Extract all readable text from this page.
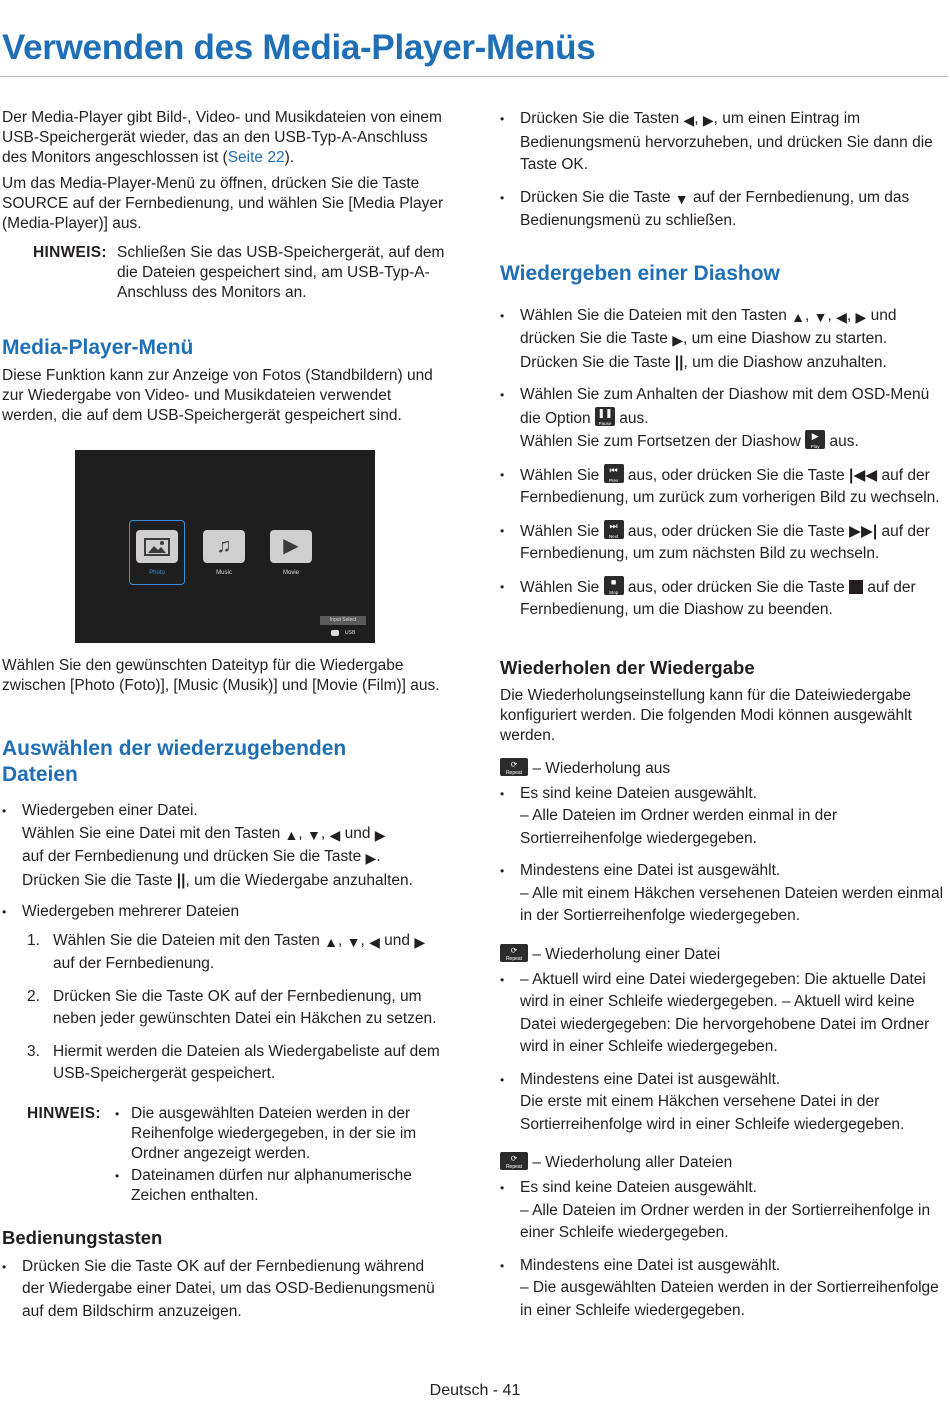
Verwenden des Media-Player-Menüs

Der Media-Player gibt Bild-, Video- und Musikdateien von einem USB-Speichergerät wieder, das an den USB-Typ-A-Anschluss des Monitors angeschlossen ist (Seite 22).

Um das Media-Player-Menü zu öffnen, drücken Sie die Taste SOURCE auf der Fernbedienung, und wählen Sie [Media Player (Media-Player)] aus.

HINWEIS: Schließen Sie das USB-Speichergerät, auf dem die Dateien gespeichert sind, am USB-Typ-A-Anschluss des Monitors an.
Media-Player-Menü

Diese Funktion kann zur Anzeige von Fotos (Standbildern) und zur Wiedergabe von Video- und Musikdateien verwendet werden, die auf dem USB-Speichergerät gespeichert sind.

♫	▶
Photo	Music	Movie
Input Select
USB

Wählen Sie den gewünschten Dateityp für die Wiedergabe zwischen [Photo (Foto)], [Music (Musik)] und [Movie (Film)] aus.

Auswählen der wiederzugebenden Dateien
• Wiedergeben einer Datei.
Wählen Sie eine Datei mit den Tasten ▲, ▼, ◀ und ▶
auf der Fernbedienung und drücken Sie die Taste ▶.
Drücken Sie die Taste ||, um die Wiedergabe anzuhalten.
• Wiedergeben mehrerer Dateien
1. Wählen Sie die Dateien mit den Tasten ▲, ▼, ◀ und ▶ auf der Fernbedienung.
2. Drücken Sie die Taste OK auf der Fernbedienung, um neben jeder gewünschten Datei ein Häkchen zu setzen.
3. Hiermit werden die Dateien als Wiedergabeliste auf dem USB-Speichergerät gespeichert.
HINWEIS:	• Die ausgewählten Dateien werden in der Reihenfolge wiedergegeben, in der sie im Ordner angezeigt werden.
• Dateinamen dürfen nur alphanumerische Zeichen enthalten.
Bedienungstasten
• Drücken Sie die Taste OK auf der Fernbedienung während der Wiedergabe einer Datei, um das OSD-Bedienungsmenü auf dem Bildschirm anzuzeigen.
• Drücken Sie die Tasten ◀, ▶, um einen Eintrag im Bedienungsmenü hervorzuheben, und drücken Sie dann die Taste OK.
• Drücken Sie die Taste ▼ auf der Fernbedienung, um das Bedienungsmenü zu schließen.
Wiedergeben einer Diashow
• Wählen Sie die Dateien mit den Tasten ▲, ▼, ◀, ▶ und drücken Sie die Taste ▶, um eine Diashow zu starten.
Drücken Sie die Taste ||, um die Diashow anzuhalten.
• Wählen Sie zum Anhalten der Diashow mit dem OSD-Menü die Option ❚❚
Pause aus.
Wählen Sie zum Fortsetzen der Diashow ▶
Play aus.
• Wählen Sie ⏮
Prev aus, oder drücken Sie die Taste |◀◀ auf der Fernbedienung, um zurück zum vorherigen Bild zu wechseln.
• Wählen Sie ⏭
Next aus, oder drücken Sie die Taste ▶▶| auf der Fernbedienung, um zum nächsten Bild zu wechseln.
• Wählen Sie ■
Stop aus, oder drücken Sie die Taste  auf der Fernbedienung, um die Diashow zu beenden.
Wiederholen der Wiedergabe

Die Wiederholungseinstellung kann für die Dateiwiedergabe konfiguriert werden. Die folgenden Modi können ausgewählt werden.

⟳
Repeat – Wiederholung aus
• Es sind keine Dateien ausgewählt.
– Alle Dateien im Ordner werden einmal in der Sortierreihenfolge wiedergegeben.
• Mindestens eine Datei ist ausgewählt.
– Alle mit einem Häkchen versehenen Dateien werden einmal in der Sortierreihenfolge wiedergegeben.
⟳
Repeat – Wiederholung einer Datei
• – Aktuell wird eine Datei wiedergegeben: Die aktuelle Datei wird in einer Schleife wiedergegeben. – Aktuell wird keine Datei wiedergegeben: Die hervorgehobene Datei im Ordner wird in einer Schleife wiedergegeben.
• Mindestens eine Datei ist ausgewählt.
Die erste mit einem Häkchen versehene Datei in der Sortierreihenfolge wird in einer Schleife wiedergegeben.
⟳
Repeat – Wiederholung aller Dateien
• Es sind keine Dateien ausgewählt.
– Alle Dateien im Ordner werden in der Sortierreihenfolge in einer Schleife wiedergegeben.
• Mindestens eine Datei ist ausgewählt.
– Die ausgewählten Dateien werden in der Sortierreihenfolge in einer Schleife wiedergegeben.
Deutsch - 41
